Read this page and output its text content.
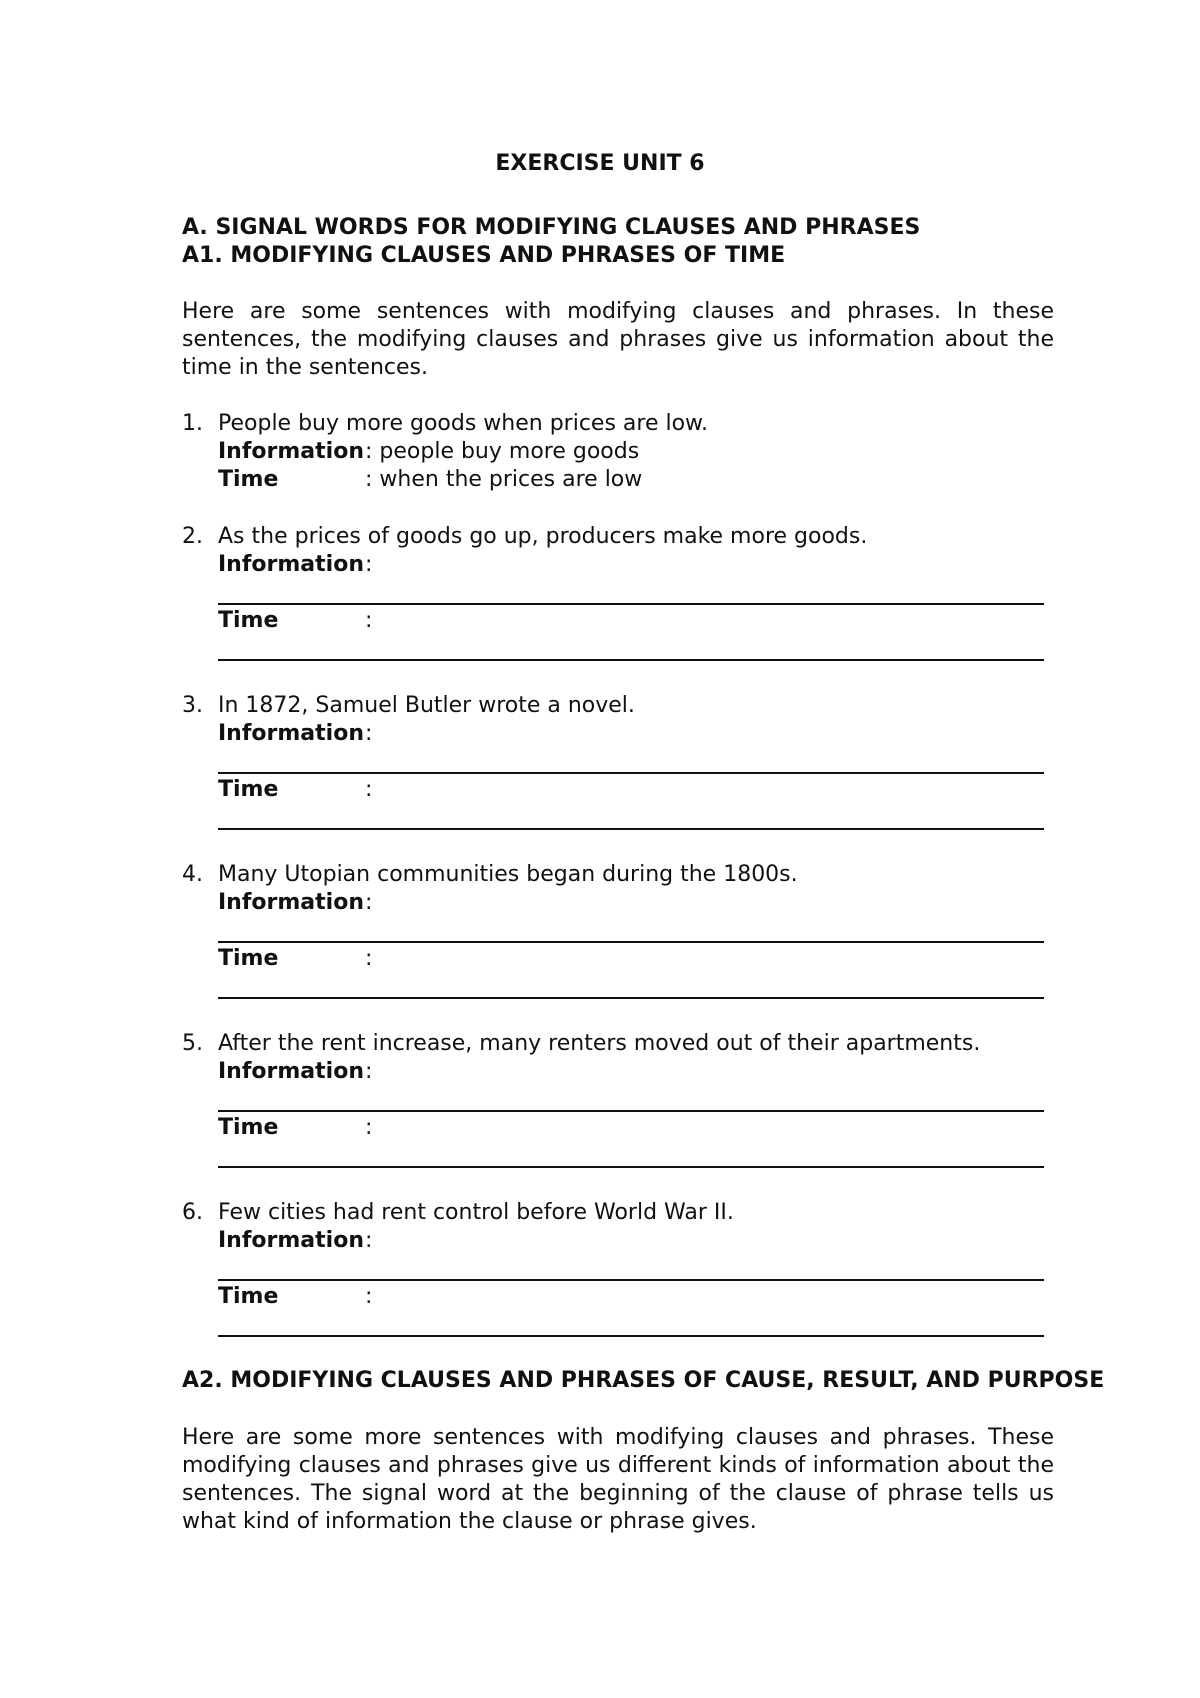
EXERCISE UNIT 6
A. SIGNAL WORDS FOR MODIFYING CLAUSES AND PHRASES
A1. MODIFYING CLAUSES AND PHRASES OF TIME
Here are some sentences with modifying clauses and phrases. In these sentences, the modifying clauses and phrases give us information about the time in the sentences.
1. People buy more goods when prices are low.
Information : people buy more goods
Time	: when the prices are low
2. As the prices of goods go up, producers make more goods.
Information :
Time	:
3. In 1872, Samuel Butler wrote a novel.
Information :
Time	:
4. Many Utopian communities began during the 1800s.
Information :
Time	:
5. After the rent increase, many renters moved out of their apartments.
Information :
Time	:
6. Few cities had rent control before World War II.
Information :
Time	:
A2. MODIFYING CLAUSES AND PHRASES OF CAUSE, RESULT, AND PURPOSE
Here are some more sentences with modifying clauses and phrases. These modifying clauses and phrases give us different kinds of information about the sentences. The signal word at the beginning of the clause of phrase tells us what kind of information the clause or phrase gives.
